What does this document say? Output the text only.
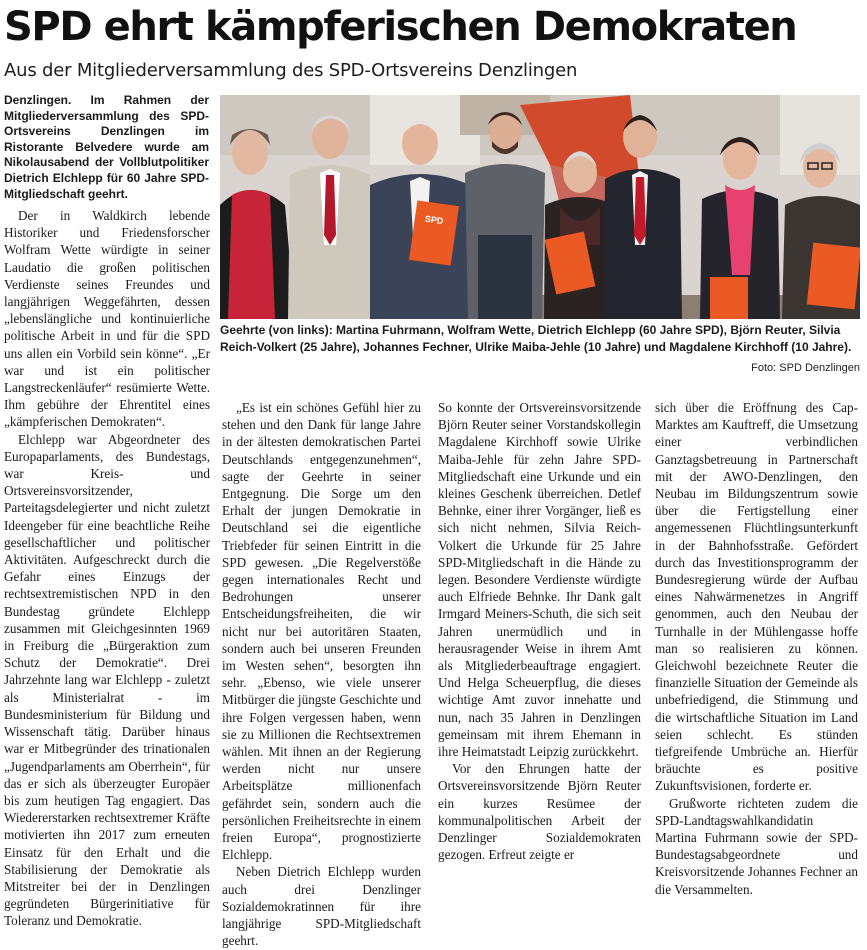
SPD ehrt kämpferischen Demokraten
Aus der Mitgliederversammlung des SPD-Ortsvereins Denzlingen
Denzlingen. Im Rahmen der Mitgliederversammlung des SPD-Ortsvereins Denzlingen im Ristorante Belvedere wurde am Nikolausabend der Vollblutpolitiker Dietrich Elchlepp für 60 Jahre SPD-Mitgliedschaft geehrt.
SPD
Geehrte (von links): Martina Fuhrmann, Wolfram Wette, Dietrich Elchlepp (60 Jahre SPD), Björn Reuter, Silvia Reich-Volkert (25 Jahre), Johannes Fechner, Ulrike Maiba-Jehle (10 Jahre) und Magdalene Kirchhoff (10 Jahre).
Foto: SPD Denzlingen

Der in Waldkirch lebende Historiker und Friedensforscher Wolfram Wette würdigte in seiner Laudatio die großen politischen Verdienste seines Freundes und langjährigen Weggefährten, dessen „lebenslängliche und kontinuierliche politische Arbeit in und für die SPD uns allen ein Vorbild sein könne“. „Er war und ist ein politischer Langstreckenläufer“ resümierte Wette. Ihm gebühre der Ehrentitel eines „kämpferischen Demokraten“.

Elchlepp war Abgeordneter des Europaparlaments, des Bundestags, war Kreis- und Ortsvereinsvorsitzender, Parteitagsdelegierter und nicht zuletzt Ideengeber für eine beachtliche Reihe gesellschaftlicher und politischer Aktivitäten. Aufgeschreckt durch die Gefahr eines Einzugs der rechtsextremistischen NPD in den Bundestag gründete Elchlepp zusammen mit Gleichgesinnten 1969 in Freiburg die „Bürgeraktion zum Schutz der Demokratie“. Drei Jahrzehnte lang war Elchlepp - zuletzt als Ministerialrat - im Bundesministerium für Bildung und Wissenschaft tätig. Darüber hinaus war er Mitbegründer des trinationalen „Jugendparlaments am Oberrhein“, für das er sich als überzeugter Europäer bis zum heutigen Tag engagiert. Das Wiedererstarken rechtsextremer Kräfte motivierten ihn 2017 zum erneuten Einsatz für den Erhalt und die Stabilisierung der Demokratie als Mitstreiter bei der in Denzlingen gegründeten Bürgerinitiative für Toleranz und Demokratie.

„Es ist ein schönes Gefühl hier zu stehen und den Dank für lange Jahre in der ältesten demokratischen Partei Deutschlands entgegenzunehmen“, sagte der Geehrte in seiner Entgegnung. Die Sorge um den Erhalt der jungen Demokratie in Deutschland sei die eigentliche Triebfeder für seinen Eintritt in die SPD gewesen. „Die Regelverstöße gegen internationales Recht und Bedrohungen unserer Entscheidungsfreiheiten, die wir nicht nur bei autoritären Staaten, sondern auch bei unseren Freunden im Westen sehen“, besorgten ihn sehr. „Ebenso, wie viele unserer Mitbürger die jüngste Geschichte und ihre Folgen vergessen haben, wenn sie zu Millionen die Rechtsextremen wählen. Mit ihnen an der Regierung werden nicht nur unsere Arbeitsplätze millionenfach gefährdet sein, sondern auch die persönlichen Freiheitsrechte in einem freien Europa“, prognostizierte Elchlepp.

Neben Dietrich Elchlepp wurden auch drei Denzlinger Sozialdemokratinnen für ihre langjährige SPD-Mitgliedschaft geehrt.

So konnte der Ortsvereinsvorsitzende Björn Reuter seiner Vorstandskollegin Magdalene Kirchhoff sowie Ulrike Maiba-Jehle für zehn Jahre SPD-Mitgliedschaft eine Urkunde und ein kleines Geschenk überreichen. Detlef Behnke, einer ihrer Vorgänger, ließ es sich nicht nehmen, Silvia Reich-Volkert die Urkunde für 25 Jahre SPD-Mitgliedschaft in die Hände zu legen. Besondere Verdienste würdigte auch Elfriede Behnke. Ihr Dank galt Irmgard Meiners-Schuth, die sich seit Jahren unermüdlich und in herausragender Weise in ihrem Amt als Mitgliederbeauftrage engagiert. Und Helga Scheuerpflug, die dieses wichtige Amt zuvor innehatte und nun, nach 35 Jahren in Denzlingen gemeinsam mit ihrem Ehemann in ihre Heimatstadt Leipzig zurückkehrt.

Vor den Ehrungen hatte der Ortsvereinsvorsitzende Björn Reuter ein kurzes Resümee der kommunalpolitischen Arbeit der Denzlinger Sozialdemokraten gezogen. Erfreut zeigte er

sich über die Eröffnung des Cap-Marktes am Kauftreff, die Umsetzung einer verbindlichen Ganztagsbetreuung in Partnerschaft mit der AWO-Denzlingen, den Neubau im Bildungszentrum sowie über die Fertigstellung einer angemessenen Flüchtlingsunterkunft in der Bahnhofsstraße. Gefördert durch das Investitionsprogramm der Bundesregierung würde der Aufbau eines Nahwärmenetzes in Angriff genommen, auch den Neubau der Turnhalle in der Mühlengasse hoffe man so realisieren zu können. Gleichwohl bezeichnete Reuter die finanzielle Situation der Gemeinde als unbefriedigend, die Stimmung und die wirtschaftliche Situation im Land seien schlecht. Es stünden tiefgreifende Umbrüche an. Hierfür bräuchte es positive Zukunftsvisionen, forderte er.

Grußworte richteten zudem die SPD-Landtagswahlkandidatin Martina Fuhrmann sowie der SPD-Bundestagsabgeordnete und Kreisvorsitzende Johannes Fechner an die Versammelten.
